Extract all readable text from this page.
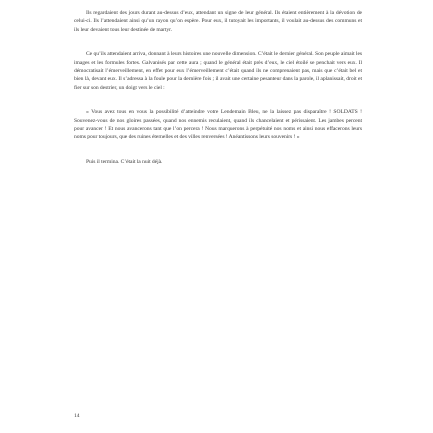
Ils regardaient des jours durant au-dessus d’eux, attendant un signe de leur général. Ils étaient entièrement à la dévotion de celui-ci. Ils l’attendaient ainsi qu’un rayon qu’on espère. Pour eux, il tutoyait les importants, il voulait au-dessus des communs et ils leur devaient tous leur destinée de martyr.

Ce qu’ils attendaient arriva, donnant à leurs histoires une nouvelle dimension. C’était le dernier général. Son peuple aimait les images et les formules fortes. Galvanisés par cette aura ; quand le général était près d’eux, le ciel étoilé se penchait vers eux. Il démocratisait l’émerveillement, en effet pour eux l’émerveillement c’était quand ils ne comprenaient pas, mais que c’était bel et bien là, devant eux. Il s’adressa à la foule pour la dernière fois ; il avait une certaine pesanteur dans la parole, il aplanissait, droit et fier sur son destrier, un doigt vers le ciel :

« Vous avez tous en vous la possibilité d’atteindre votre Lendemain Bleu, ne la laissez pas disparaître ! SOLDATS ! Souvenez-vous de nos gloires passées, quand nos ennemis reculaient, quand ils chancelaient et périssaient. Les jambes percent pour avancer ! Et nous avancerons tant que l’on percera ! Nous marquerons à perpétuité nos noms et ainsi nous effacerons leurs noms pour toujours, que des ruines éternelles et des villes renversées ! Anéantissons leurs souvenirs ! »

Puis il termina. C’était la nuit déjà.

14
